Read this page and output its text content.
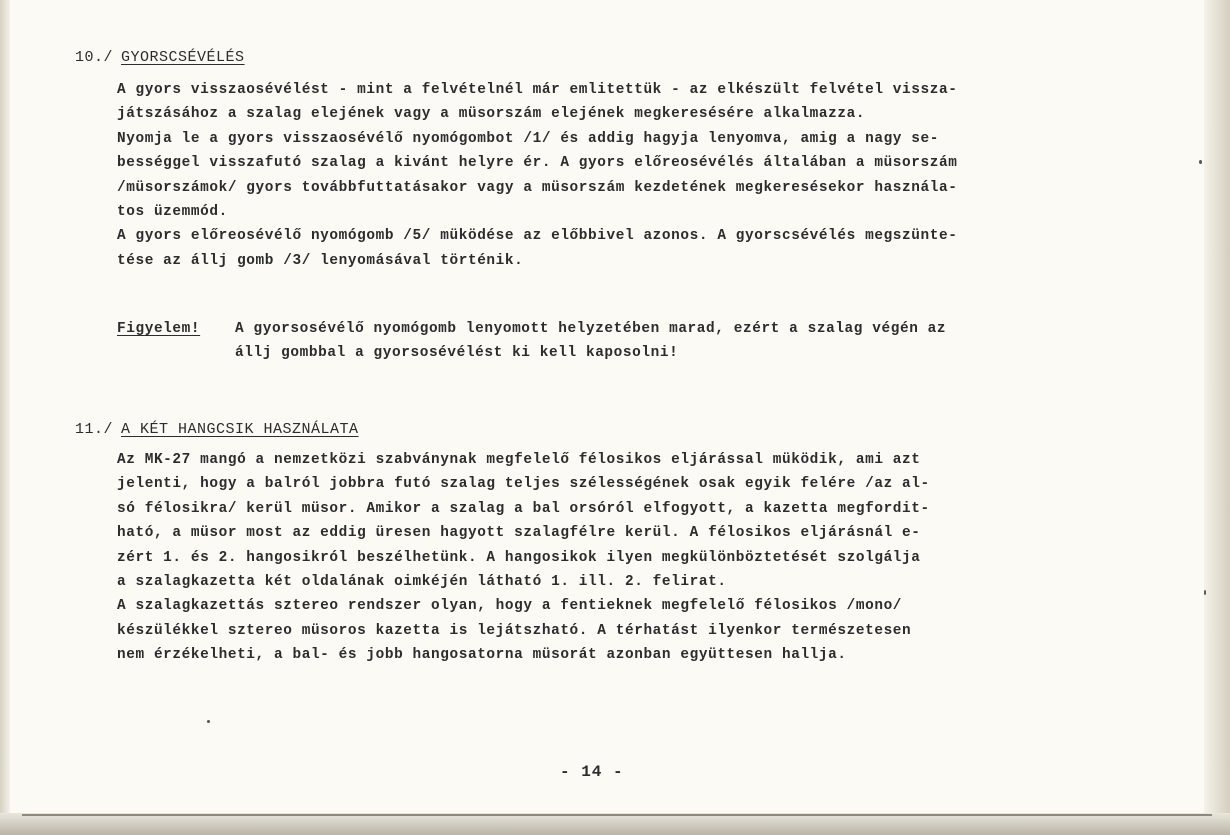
10./ GYORSCSÉVÉLÉS
A gyors visszaosévélést - mint a felvételnél már emlitettük - az elkészült felvétel vissza-
játszásához a szalag elejének vagy a müsorszám elejének megkeresésére alkalmazza.
Nyomja le a gyors visszaosévélő nyomógombot /1/ és addig hagyja lenyomva, amig a nagy se-
bességgel visszafutó szalag a kivánt helyre ér. A gyors előreosévélés általában a müsorszám
/müsorszámok/ gyors továbbfuttatásakor vagy a müsorszám kezdetének megkeresésekor használa-
tos üzemmód.
A gyors előreosévélő nyomógomb /5/ müködése az előbbivel azonos. A gyorscsévélés megszünte-
tése az állj gomb /3/ lenyomásával történik.
Figyelem! A gyorsosévélő nyomógomb lenyomott helyzetében marad, ezért a szalag végén az
állj gombbal a gyorsosévélést ki kell kaposolni!
11./ A KÉT HANGCSIK HASZNÁLATA
Az MK-27 mangó a nemzetközi szabványnak megfelelő félosikos eljárással müködik, ami azt
jelenti, hogy a balról jobbra futó szalag teljes szélességének osak egyik felére /az al-
só félosikra/ kerül müsor. Amikor a szalag a bal orsóról elfogyott, a kazetta megfordit-
ható, a müsor most az eddig üresen hagyott szalagfélre kerül. A félosikos eljárásnál e-
zért 1. és 2. hangosikról beszélhetünk. A hangosikok ilyen megkülönböztetését szolgálja
a szalagkazetta két oldalának oimkéjén látható 1. ill. 2. felirat.
A szalagkazettás sztereo rendszer olyan, hogy a fentieknek megfelelő félosikos /mono/
készülékkel sztereo müsoros kazetta is lejátszható. A térhatást ilyenkor természetesen
nem érzékelheti, a bal- és jobb hangosatorna müsorát azonban együttesen hallja.
- 14 -
